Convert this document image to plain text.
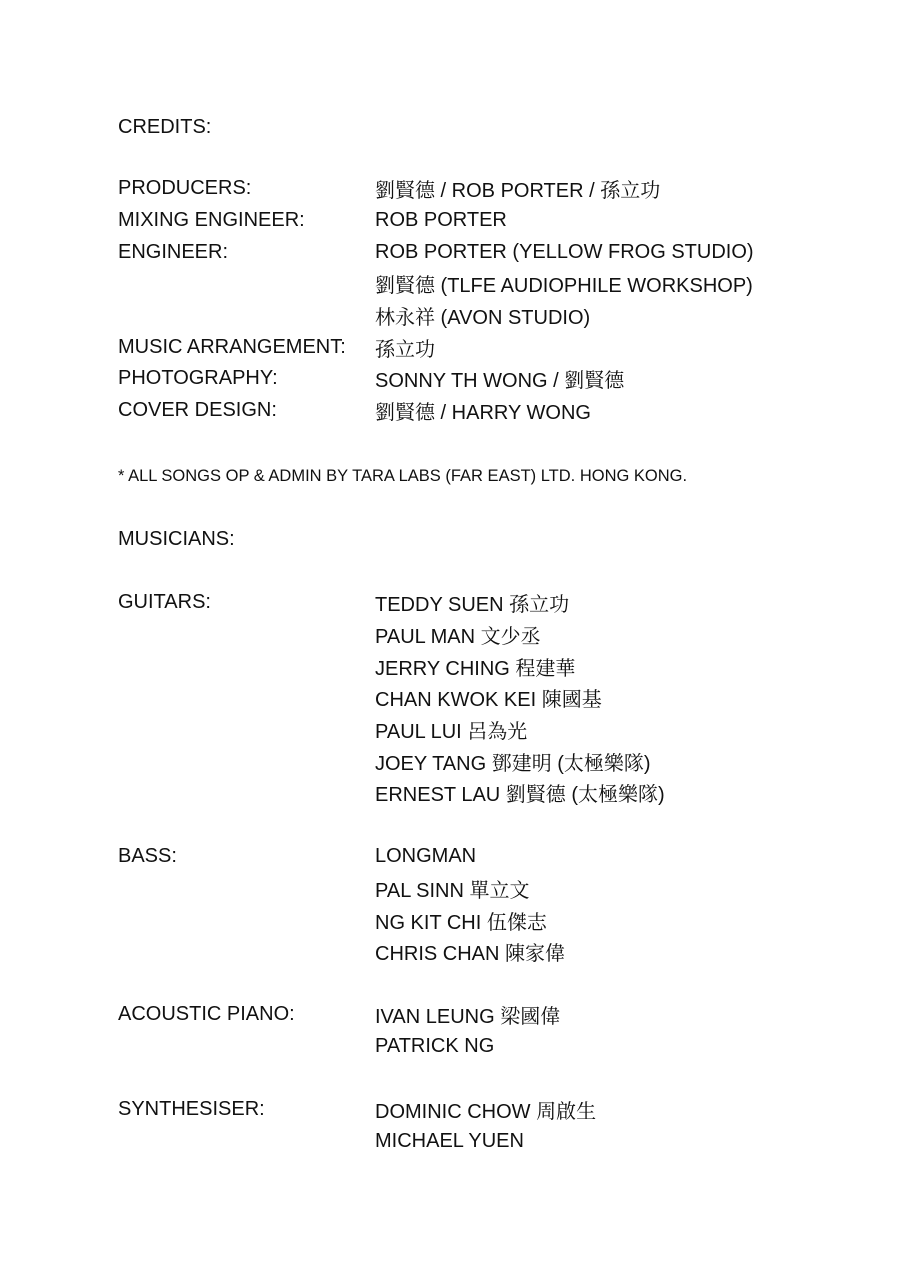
CREDITS:
PRODUCERS:	劉賢德 / ROB PORTER / 孫立功
MIXING ENGINEER:	ROB PORTER
ENGINEER:	ROB PORTER (YELLOW FROG STUDIO)
劉賢德 (TLFE AUDIOPHILE WORKSHOP)
林永祥 (AVON STUDIO)
MUSIC ARRANGEMENT:	孫立功
PHOTOGRAPHY:	SONNY TH WONG / 劉賢德
COVER DESIGN:	劉賢德 / HARRY WONG
* ALL SONGS OP & ADMIN BY TARA LABS (FAR EAST) LTD. HONG KONG.
MUSICIANS:
GUITARS:	TEDDY SUEN 孫立功
PAUL MAN 文少丞
JERRY CHING 程建華
CHAN KWOK KEI 陳國基
PAUL LUI 呂為光
JOEY TANG 鄧建明 (太極樂隊)
ERNEST LAU 劉賢德 (太極樂隊)
BASS:	LONGMAN
PAL SINN 單立文
NG KIT CHI 伍傑志
CHRIS CHAN 陳家偉
ACOUSTIC PIANO:	IVAN LEUNG 梁國偉
PATRICK NG
SYNTHESISER:	DOMINIC CHOW 周啟生
MICHAEL YUEN
